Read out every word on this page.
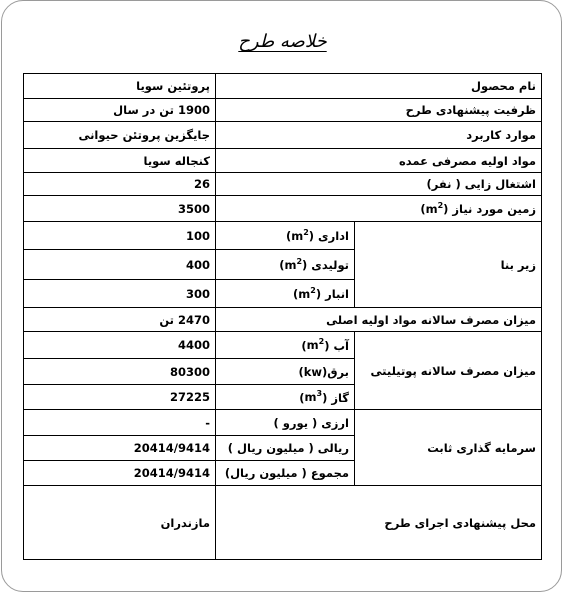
خلاصه طرح
نام محصول		پروتئین سویا
ظرفیت پیشنهادی طرح		1900 تن در سال
موارد کاربرد		جایگزین پروتئن حیوانی
مواد اولیه مصرفی عمده		کنجاله سویا
اشتغال زایی ( نفر)		26
زمین مورد نیاز $(m^2)$		3500
زیر بنا	اداری $(m^2)$	100
	تولیدی $(m^2)$	400
	انبار $(m^2)$	300
میزان مصرف سالانه مواد اولیه اصلی		2470 تن
میزان مصرف سالانه پوتیلیتی	آب $(m^2)$	4400
	برق(kw)	80300
	گاز $(m^3)$	27225
سرمایه گذاری ثابت	ارزی ( یورو )	-
	ریالی ( میلیون ریال )	20414/9414
	مجموع ( میلیون ریال)	20414/9414
محل پیشنهادی اجرای طرح		مازندران
